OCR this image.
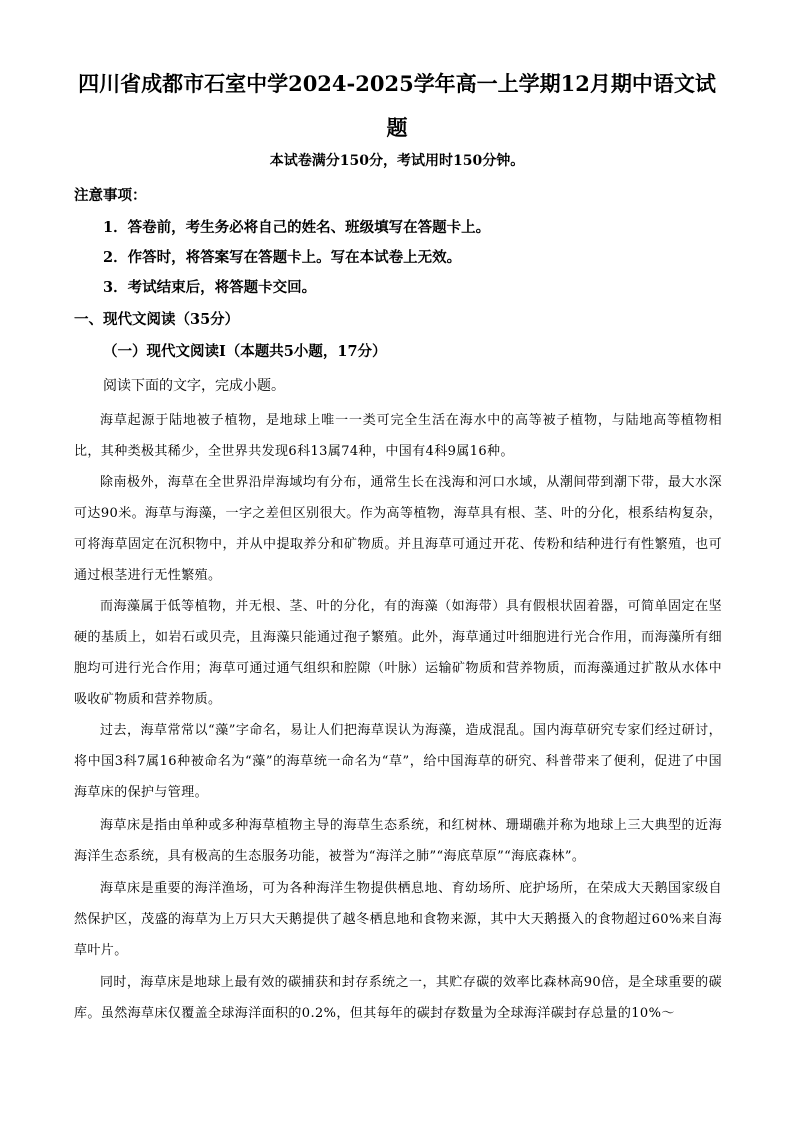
四川省成都市石室中学2024-2025学年高一上学期12月期中语文试
题
本试卷满分150分，考试用时150分钟。
注意事项：
1．答卷前，考生务必将自己的姓名、班级填写在答题卡上。
2．作答时，将答案写在答题卡上。写在本试卷上无效。
3．考试结束后，将答题卡交回。
一、现代文阅读（35分）
（一）现代文阅读Ⅰ（本题共5小题，17分）
阅读下面的文字，完成小题。

海草起源于陆地被子植物，是地球上唯一一类可完全生活在海水中的高等被子植物，与陆地高等植物相比，其种类极其稀少，全世界共发现6科13属74种，中国有4科9属16种。

除南极外，海草在全世界沿岸海域均有分布，通常生长在浅海和河口水域，从潮间带到潮下带，最大水深可达90米。海草与海藻，一字之差但区别很大。作为高等植物，海草具有根、茎、叶的分化，根系结构复杂，可将海草固定在沉积物中，并从中提取养分和矿物质。并且海草可通过开花、传粉和结种进行有性繁殖，也可通过根茎进行无性繁殖。

而海藻属于低等植物，并无根、茎、叶的分化，有的海藻（如海带）具有假根状固着器，可简单固定在坚硬的基质上，如岩石或贝壳，且海藻只能通过孢子繁殖。此外，海草通过叶细胞进行光合作用，而海藻所有细胞均可进行光合作用；海草可通过通气组织和腔隙（叶脉）运输矿物质和营养物质，而海藻通过扩散从水体中吸收矿物质和营养物质。

过去，海草常常以“藻”字命名，易让人们把海草误认为海藻，造成混乱。国内海草研究专家们经过研讨，将中国3科7属16种被命名为“藻”的海草统一命名为“草”，给中国海草的研究、科普带来了便利，促进了中国海草床的保护与管理。

海草床是指由单种或多种海草植物主导的海草生态系统，和红树林、珊瑚礁并称为地球上三大典型的近海海洋生态系统，具有极高的生态服务功能，被誉为“海洋之肺”“海底草原”“海底森林”。

海草床是重要的海洋渔场，可为各种海洋生物提供栖息地、育幼场所、庇护场所，在荣成大天鹅国家级自然保护区，茂盛的海草为上万只大天鹅提供了越冬栖息地和食物来源，其中大天鹅摄入的食物超过60%来自海草叶片。

同时，海草床是地球上最有效的碳捕获和封存系统之一，其贮存碳的效率比森林高90倍，是全球重要的碳库。虽然海草床仅覆盖全球海洋面积的0.2%，但其每年的碳封存数量为全球海洋碳封存总量的10%～
